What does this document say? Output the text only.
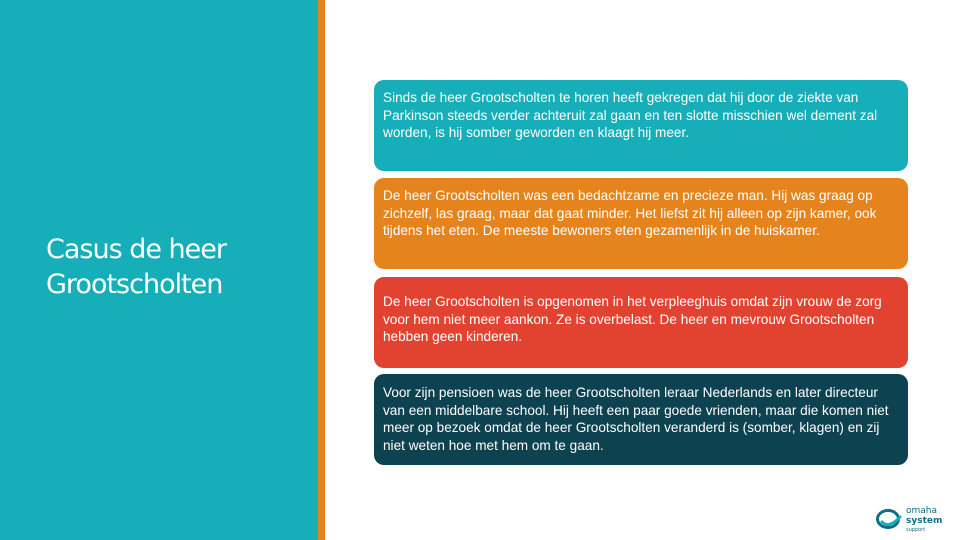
Casus de heer Grootscholten
Sinds de heer Grootscholten te horen heeft gekregen dat hij door de ziekte van Parkinson steeds verder achteruit zal gaan en ten slotte misschien wel dement zal worden, is hij somber geworden en klaagt hij meer.
De heer Grootscholten was een bedachtzame en precieze man. Hij was graag op zichzelf, las graag, maar dat gaat minder. Het liefst zit hij alleen op zijn kamer, ook tijdens het eten. De meeste bewoners eten gezamenlijk in de huiskamer.
De heer Grootscholten is opgenomen in het verpleeghuis omdat zijn vrouw de zorg voor hem niet meer aankon. Ze is overbelast. De heer en mevrouw Grootscholten hebben geen kinderen.
Voor zijn pensioen was de heer Grootscholten leraar Nederlands en later directeur van een middelbare school. Hij heeft een paar goede vrienden, maar die komen niet meer op bezoek omdat de heer Grootscholten veranderd is (somber, klagen) en zij niet weten hoe met hem om te gaan.
omaha
system
support
